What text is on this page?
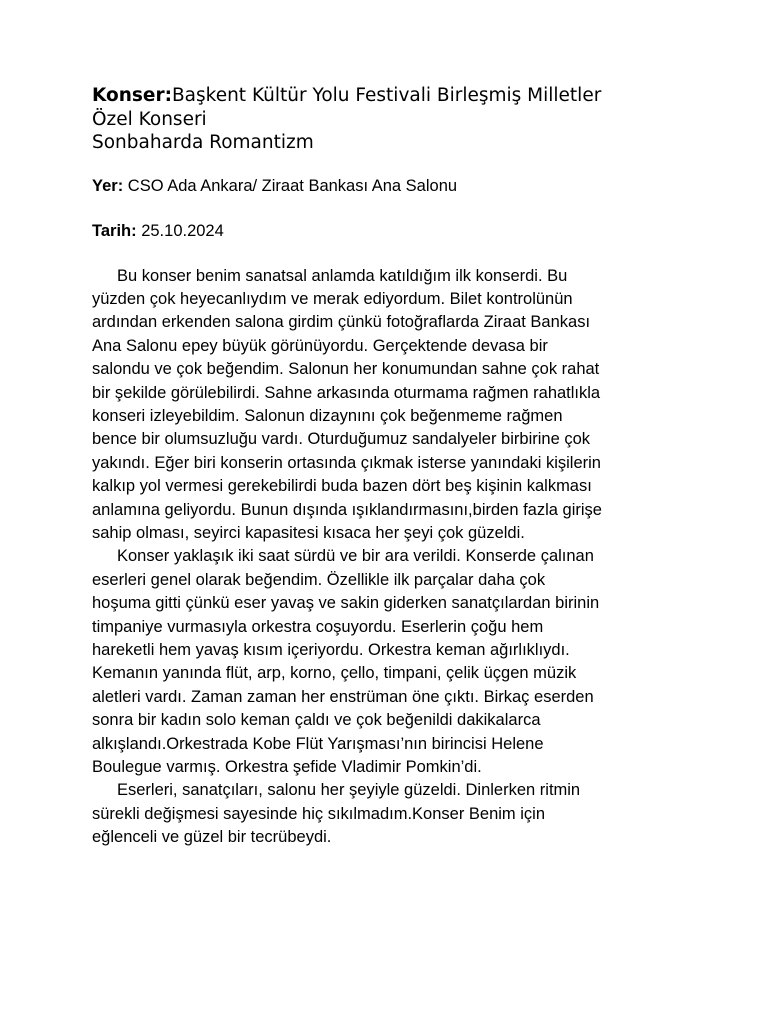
Konser:Başkent Kültür Yolu Festivali Birleşmiş Milletler
Özel Konseri
Sonbaharda Romantizm
Yer: CSO Ada Ankara/ Ziraat Bankası Ana Salonu
Tarih: 25.10.2024
Bu konser benim sanatsal anlamda katıldığım ilk konserdi. Bu
yüzden çok heyecanlıydım ve merak ediyordum. Bilet kontrolünün
ardından erkenden salona girdim çünkü fotoğraflarda Ziraat Bankası
Ana Salonu epey büyük görünüyordu. Gerçektende devasa bir
salondu ve çok beğendim. Salonun her konumundan sahne çok rahat
bir şekilde görülebilirdi. Sahne arkasında oturmama rağmen rahatlıkla
konseri izleyebildim. Salonun dizaynını çok beğenmeme rağmen
bence bir olumsuzluğu vardı. Oturduğumuz sandalyeler birbirine çok
yakındı. Eğer biri konserin ortasında çıkmak isterse yanındaki kişilerin
kalkıp yol vermesi gerekebilirdi buda bazen dört beş kişinin kalkması
anlamına geliyordu. Bunun dışında ışıklandırmasını,birden fazla girişe
sahip olması, seyirci kapasitesi kısaca her şeyi çok güzeldi.
Konser yaklaşık iki saat sürdü ve bir ara verildi. Konserde çalınan
eserleri genel olarak beğendim. Özellikle ilk parçalar daha çok
hoşuma gitti çünkü eser yavaş ve sakin giderken sanatçılardan birinin
timpaniye vurmasıyla orkestra coşuyordu. Eserlerin çoğu hem
hareketli hem yavaş kısım içeriyordu. Orkestra keman ağırlıklıydı.
Kemanın yanında flüt, arp, korno, çello, timpani, çelik üçgen müzik
aletleri vardı. Zaman zaman her enstrüman öne çıktı. Birkaç eserden
sonra bir kadın solo keman çaldı ve çok beğenildi dakikalarca
alkışlandı.Orkestrada Kobe Flüt Yarışması’nın birincisi Helene
Boulegue varmış. Orkestra şefide Vladimir Pomkin’di.
Eserleri, sanatçıları, salonu her şeyiyle güzeldi. Dinlerken ritmin
sürekli değişmesi sayesinde hiç sıkılmadım.Konser Benim için
eğlenceli ve güzel bir tecrübeydi.
